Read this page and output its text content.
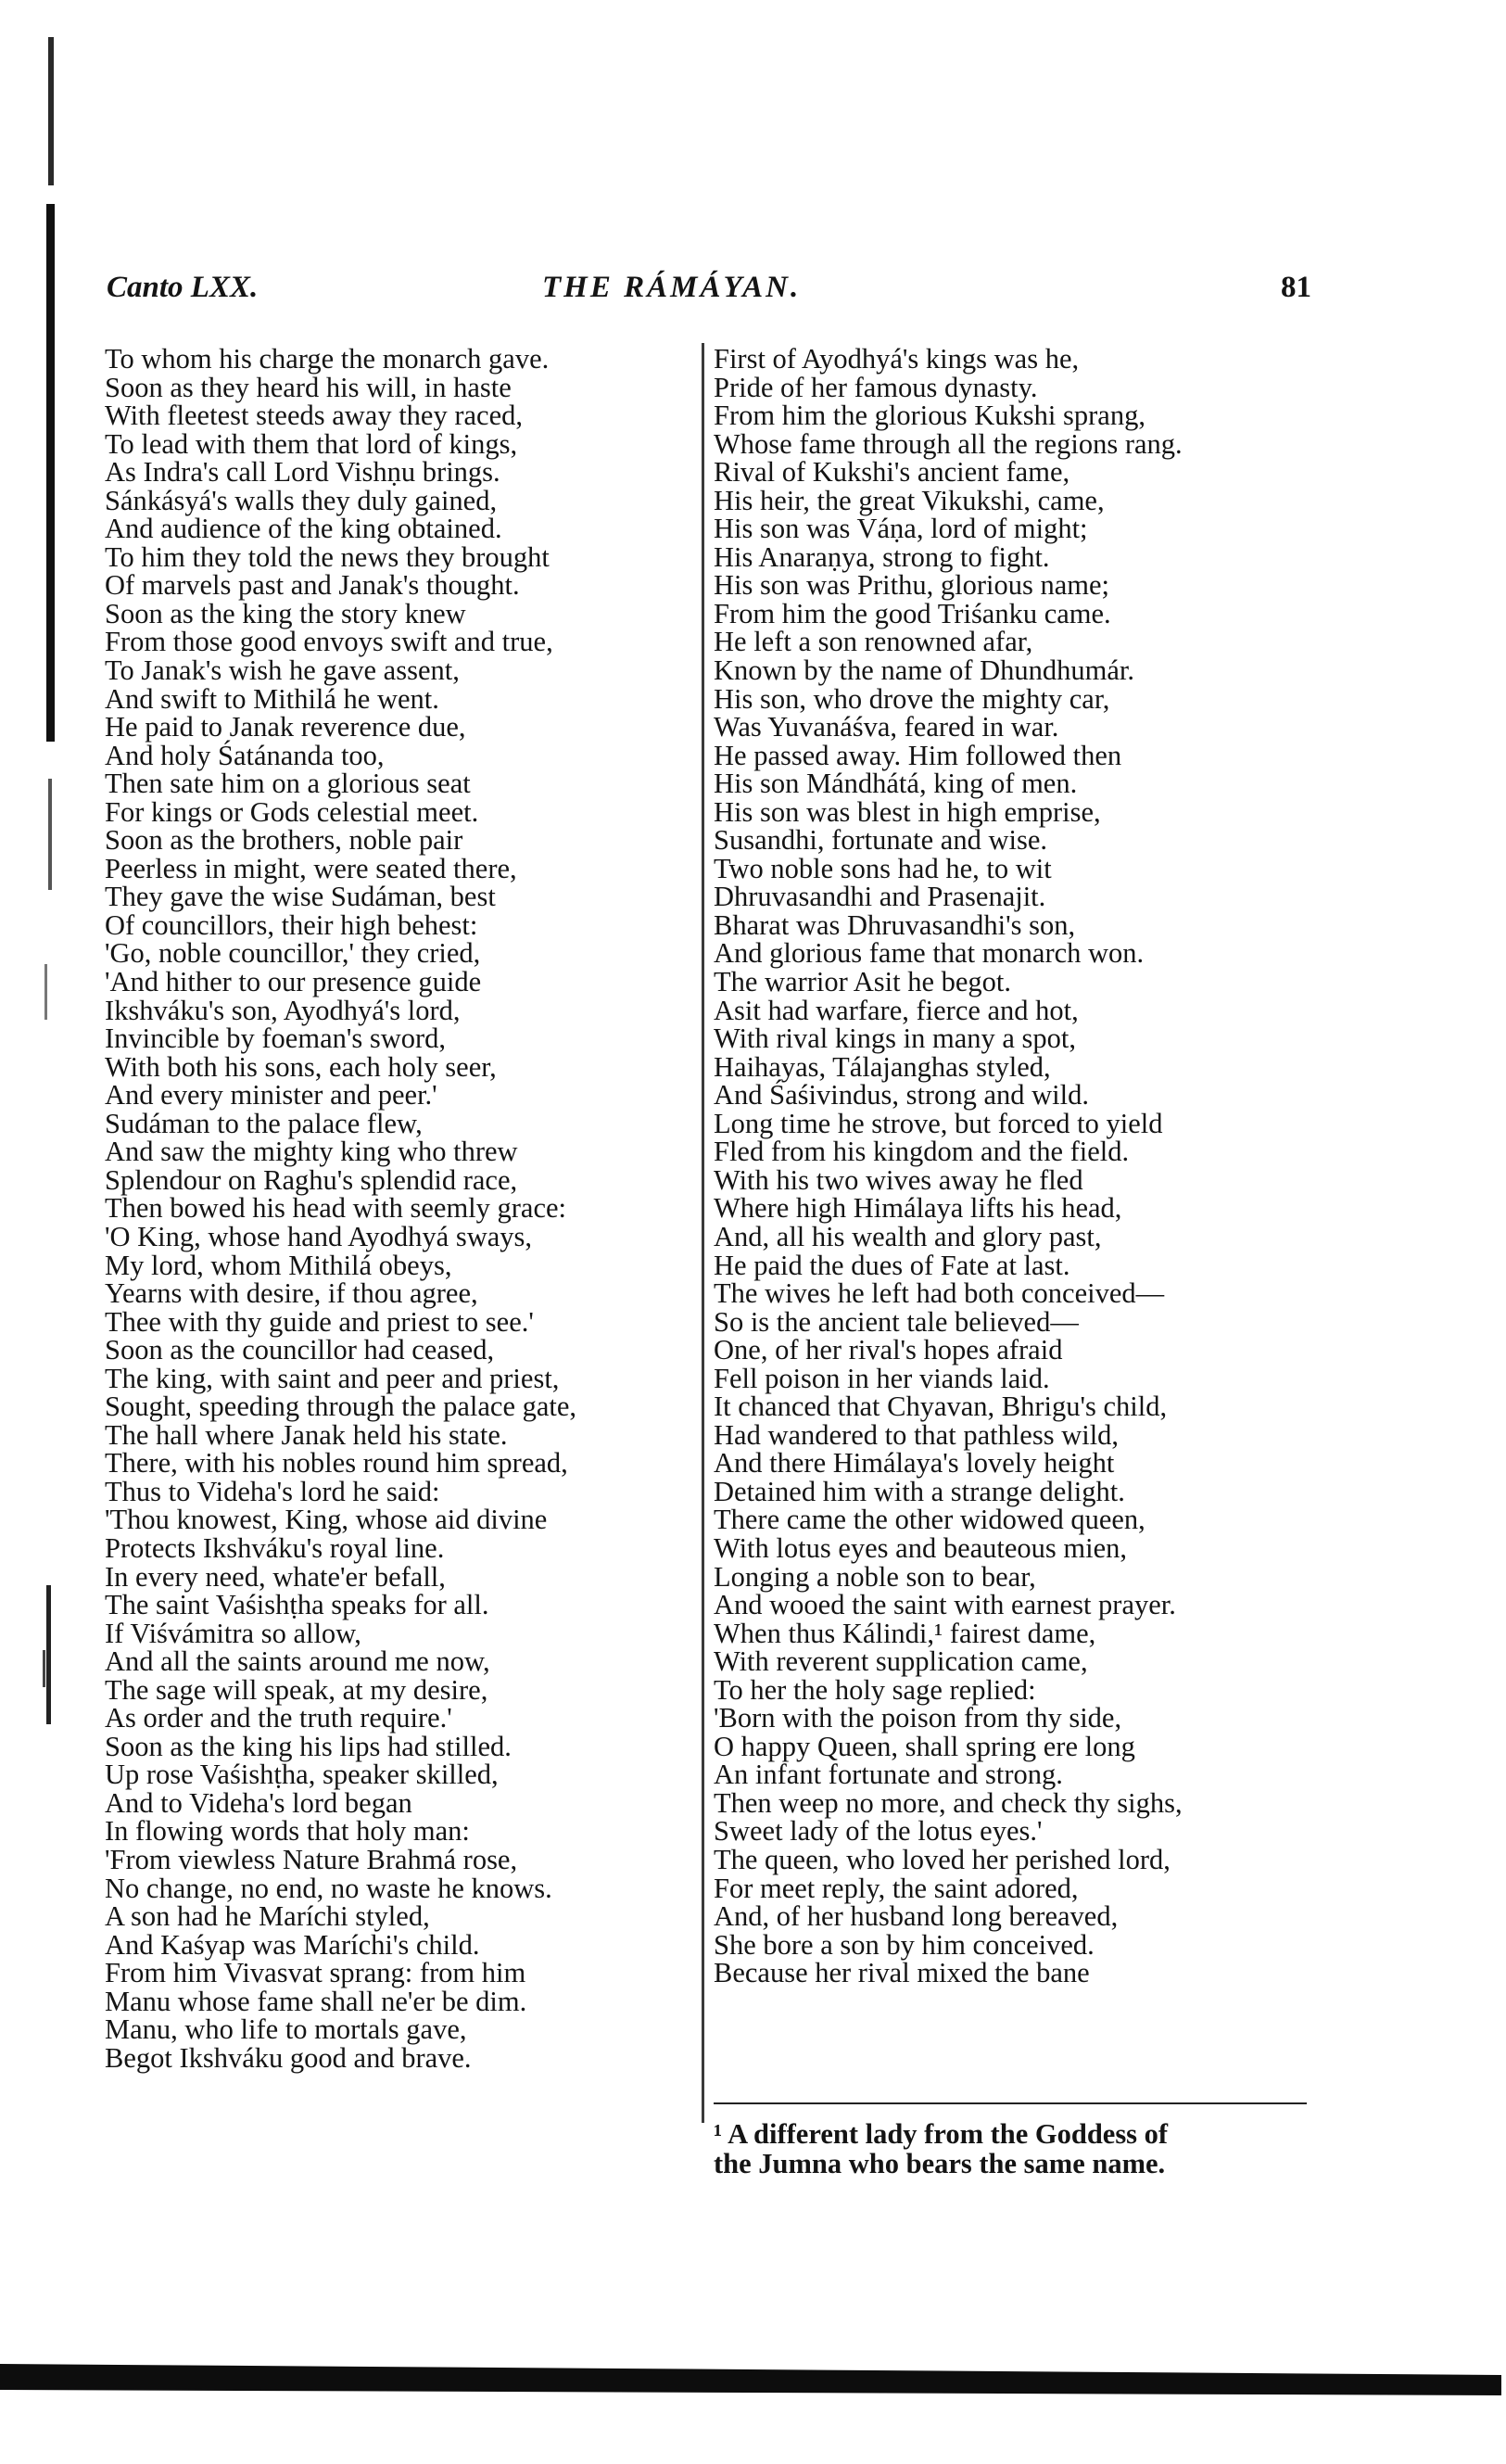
Canto LXX.	THE RÁMÁYAN.	81
To whom his charge the monarch gave.
Soon as they heard his will, in haste
With fleetest steeds away they raced,
To lead with them that lord of kings,
As Indra's call Lord Vishṇu brings.
Sánkásyá's walls they duly gained,
And audience of the king obtained.
To him they told the news they brought
Of marvels past and Janak's thought.
Soon as the king the story knew
From those good envoys swift and true,
To Janak's wish he gave assent,
And swift to Mithilá he went.
He paid to Janak reverence due,
And holy Śatánanda too,
Then sate him on a glorious seat
For kings or Gods celestial meet.
Soon as the brothers, noble pair
Peerless in might, were seated there,
They gave the wise Sudáman, best
Of councillors, their high behest:
'Go, noble councillor,' they cried,
'And hither to our presence guide
Ikshváku's son, Ayodhyá's lord,
Invincible by foeman's sword,
With both his sons, each holy seer,
And every minister and peer.'
Sudáman to the palace flew,
And saw the mighty king who threw
Splendour on Raghu's splendid race,
Then bowed his head with seemly grace:
'O King, whose hand Ayodhyá sways,
My lord, whom Mithilá obeys,
Yearns with desire, if thou agree,
Thee with thy guide and priest to see.'
Soon as the councillor had ceased,
The king, with saint and peer and priest,
Sought, speeding through the palace gate,
The hall where Janak held his state.
There, with his nobles round him spread,
Thus to Videha's lord he said:
'Thou knowest, King, whose aid divine
Protects Ikshváku's royal line.
In every need, whate'er befall,
The saint Vaśishṭha speaks for all.
If Viśvámitra so allow,
And all the saints around me now,
The sage will speak, at my desire,
As order and the truth require.'
Soon as the king his lips had stilled.
Up rose Vaśishṭha, speaker skilled,
And to Videha's lord began
In flowing words that holy man:
'From viewless Nature Brahmá rose,
No change, no end, no waste he knows.
A son had he Maríchi styled,
And Kaśyap was Maríchi's child.
From him Vivasvat sprang: from him
Manu whose fame shall ne'er be dim.
Manu, who life to mortals gave,
Begot Ikshváku good and brave.
First of Ayodhyá's kings was he,
Pride of her famous dynasty.
From him the glorious Kukshi sprang,
Whose fame through all the regions rang.
Rival of Kukshi's ancient fame,
His heir, the great Vikukshi, came,
His son was Váṇa, lord of might;
His Anaraṇya, strong to fight.
His son was Prithu, glorious name;
From him the good Triśanku came.
He left a son renowned afar,
Known by the name of Dhundhumár.
His son, who drove the mighty car,
Was Yuvanáśva, feared in war.
He passed away. Him followed then
His son Mándhátá, king of men.
His son was blest in high emprise,
Susandhi, fortunate and wise.
Two noble sons had he, to wit
Dhruvasandhi and Prasenajit.
Bharat was Dhruvasandhi's son,
And glorious fame that monarch won.
The warrior Asit he begot.
Asit had warfare, fierce and hot,
With rival kings in many a spot,
Haihayas, Tálajanghas styled,
And Śaśivindus, strong and wild.
Long time he strove, but forced to yield
Fled from his kingdom and the field.
With his two wives away he fled
Where high Himálaya lifts his head,
And, all his wealth and glory past,
He paid the dues of Fate at last.
The wives he left had both conceived—
So is the ancient tale believed—
One, of her rival's hopes afraid
Fell poison in her viands laid.
It chanced that Chyavan, Bhrigu's child,
Had wandered to that pathless wild,
And there Himálaya's lovely height
Detained him with a strange delight.
There came the other widowed queen,
With lotus eyes and beauteous mien,
Longing a noble son to bear,
And wooed the saint with earnest prayer.
When thus Kálindi,¹ fairest dame,
With reverent supplication came,
To her the holy sage replied:
'Born with the poison from thy side,
O happy Queen, shall spring ere long
An infant fortunate and strong.
Then weep no more, and check thy sighs,
Sweet lady of the lotus eyes.'
The queen, who loved her perished lord,
For meet reply, the saint adored,
And, of her husband long bereaved,
She bore a son by him conceived.
Because her rival mixed the bane
¹ A different lady from the Goddess of
the Jumna who bears the same name.
